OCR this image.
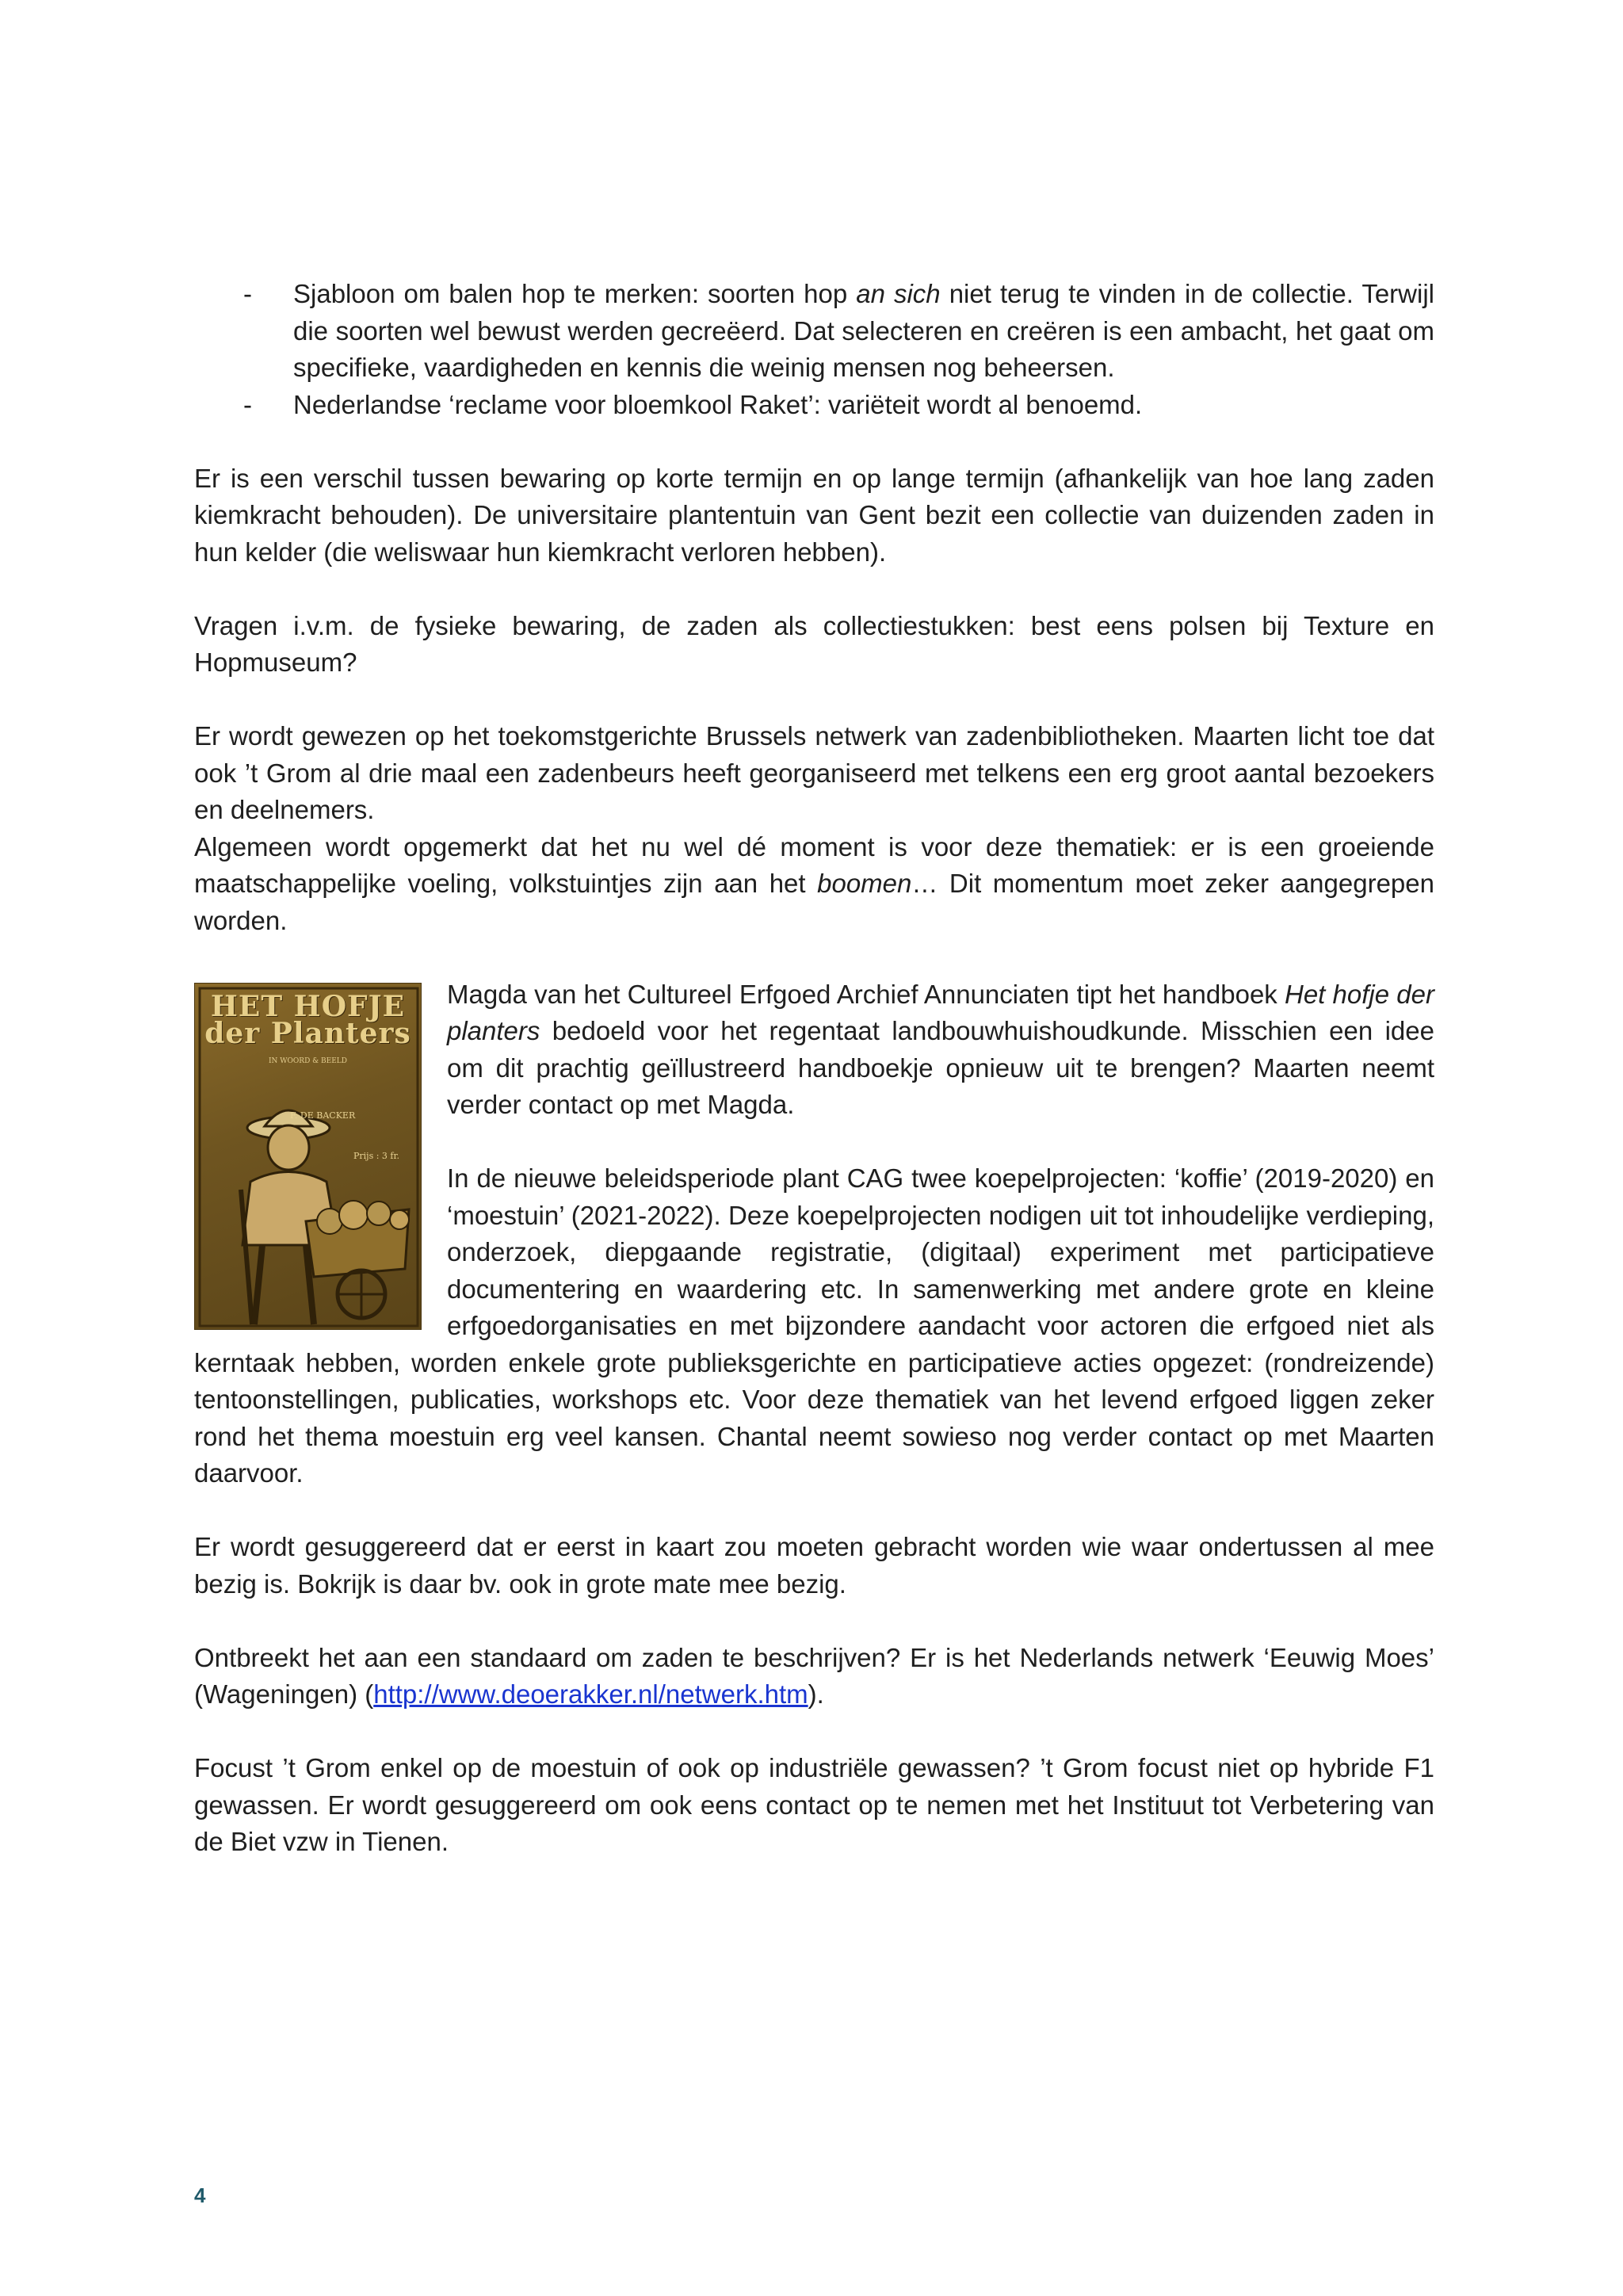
- Sjabloon om balen hop te merken: soorten hop an sich niet terug te vinden in de collectie. Terwijl die soorten wel bewust werden gecreëerd. Dat selecteren en creëren is een ambacht, het gaat om specifieke, vaardigheden en kennis die weinig mensen nog beheersen.
- Nederlandse ‘reclame voor bloemkool Raket’: variëteit wordt al benoemd.

Er is een verschil tussen bewaring op korte termijn en op lange termijn (afhankelijk van hoe lang zaden kiemkracht behouden). De universitaire plantentuin van Gent bezit een collectie van duizenden zaden in hun kelder (die weliswaar hun kiemkracht verloren hebben).

Vragen i.v.m. de fysieke bewaring, de zaden als collectiestukken: best eens polsen bij Texture en Hopmuseum?

Er wordt gewezen op het toekomstgerichte Brussels netwerk van zadenbibliotheken. Maarten licht toe dat ook ’t Grom al drie maal een zadenbeurs heeft georganiseerd met telkens een erg groot aantal bezoekers en deelnemers.

Algemeen wordt opgemerkt dat het nu wel dé moment is voor deze thematiek: er is een groeiende maatschappelijke voeling, volkstuintjes zijn aan het boomen… Dit momentum moet zeker aangegrepen worden.

HET HOFJE
der Planters
IN WOORD & BEELD
F. DE BACKER
Prijs : 3 fr.

Magda van het Cultureel Erfgoed Archief Annunciaten tipt het handboek Het hofje der planters bedoeld voor het regentaat landbouwhuishoudkunde. Misschien een idee om dit prachtig geïllustreerd handboekje opnieuw uit te brengen? Maarten neemt verder contact op met Magda.

In de nieuwe beleidsperiode plant CAG twee koepelprojecten: ‘koffie’ (2019-2020) en ‘moestuin’ (2021-2022). Deze koepelprojecten nodigen uit tot inhoudelijke verdieping, onderzoek, diepgaande registratie, (digitaal) experiment met participatieve documentering en waardering etc. In samenwerking met andere grote en kleine erfgoedorganisaties en met bijzondere aandacht voor actoren die erfgoed niet als kerntaak hebben, worden enkele grote publieksgerichte en participatieve acties opgezet: (rondreizende) tentoonstellingen, publicaties, workshops etc. Voor deze thematiek van het levend erfgoed liggen zeker rond het thema moestuin erg veel kansen. Chantal neemt sowieso nog verder contact op met Maarten daarvoor.

Er wordt gesuggereerd dat er eerst in kaart zou moeten gebracht worden wie waar ondertussen al mee bezig is. Bokrijk is daar bv. ook in grote mate mee bezig.

Ontbreekt het aan een standaard om zaden te beschrijven? Er is het Nederlands netwerk ‘Eeuwig Moes’ (Wageningen) (http://www.deoerakker.nl/netwerk.htm).

Focust ’t Grom enkel op de moestuin of ook op industriële gewassen? ’t Grom focust niet op hybride F1 gewassen. Er wordt gesuggereerd om ook eens contact op te nemen met het Instituut tot Verbetering van de Biet vzw in Tienen.

4
